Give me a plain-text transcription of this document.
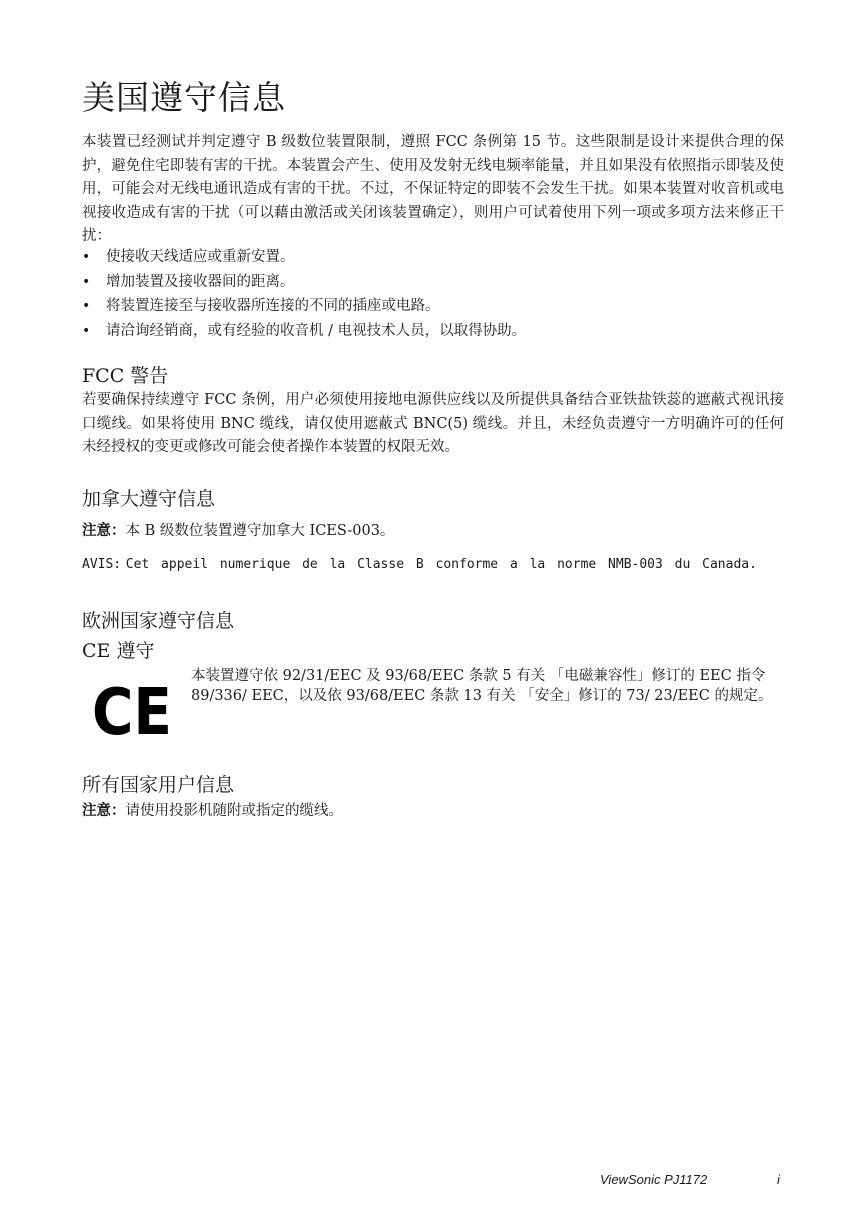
美国遵守信息

本装置已经测试并判定遵守 B 级数位装置限制，遵照 FCC 条例第 15 节。这些限制是设计来提供合理的保护，避免住宅即装有害的干扰。本装置会产生、使用及发射无线电频率能量，并且如果没有依照指示即装及使用，可能会对无线电通讯造成有害的干扰。不过，不保证特定的即装不会发生干扰。如果本装置对收音机或电视接收造成有害的干扰（可以藉由激活或关闭该装置确定），则用户可试着使用下列一项或多项方法来修正干扰：

• 使接收天线适应或重新安置。
• 增加装置及接收器间的距离。
• 将装置连接至与接收器所连接的不同的插座或电路。
• 请洽询经销商，或有经验的收音机 / 电视技术人员，以取得协助。
FCC 警告

若要确保持续遵守 FCC 条例，用户必须使用接地电源供应线以及所提供具备结合亚铁盐铁蕊的遮蔽式视讯接口缆线。如果将使用 BNC 缆线，请仅使用遮蔽式 BNC(5) 缆线。并且，未经负责遵守一方明确许可的任何未经授权的变更或修改可能会使者操作本装置的权限无效。

加拿大遵守信息

注意：本 B 级数位装置遵守加拿大 ICES-003。

AVIS: Cet appeil numerique de la Classe B conforme a la norme NMB-003 du Canada.

欧洲国家遵守信息
CE 遵守
CE 本装置遵守依 92/31/EEC 及 93/68/EEC 条款 5 有关 「电磁兼容性」修订的 EEC 指令 89/336/ EEC，以及依 93/68/EEC 条款 13 有关 「安全」修订的 73/ 23/EEC 的规定。

所有国家用户信息

注意：请使用投影机随附或指定的缆线。

ViewSonic PJ1172	i
